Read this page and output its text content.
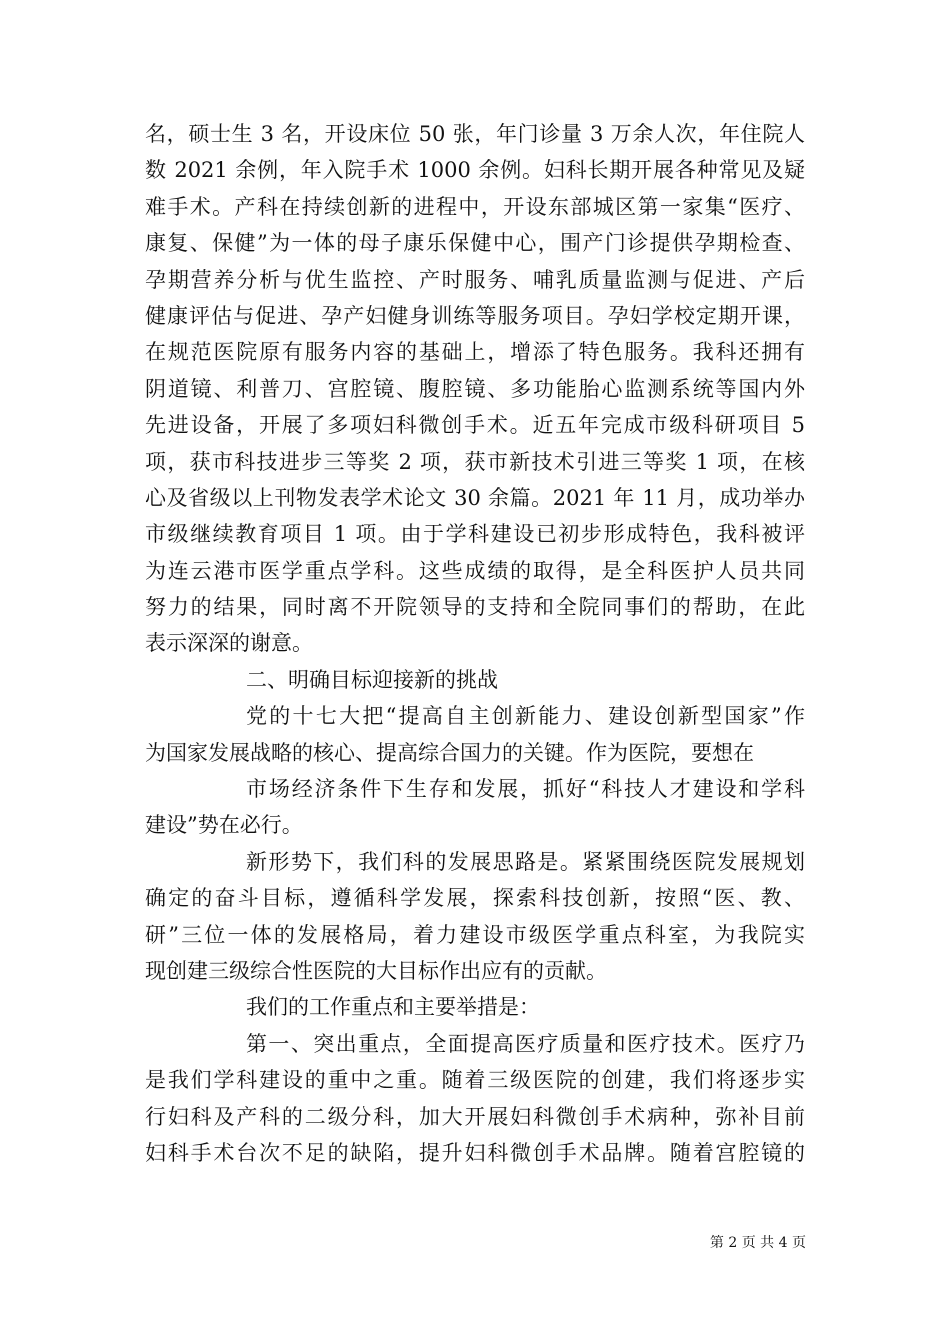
名，硕士生 3 名，开设床位 50 张，年门诊量 3 万余人次，年住院人
数 2021 余例，年入院手术 1000 余例。妇科长期开展各种常见及疑
难手术。产科在持续创新的进程中，开设东部城区第一家集“医疗、
康复、保健”为一体的母子康乐保健中心，围产门诊提供孕期检查、
孕期营养分析与优生监控、产时服务、哺乳质量监测与促进、产后
健康评估与促进、孕产妇健身训练等服务项目。孕妇学校定期开课，
在规范医院原有服务内容的基础上，增添了特色服务。我科还拥有
阴道镜、利普刀、宫腔镜、腹腔镜、多功能胎心监测系统等国内外
先进设备，开展了多项妇科微创手术。近五年完成市级科研项目 5
项，获市科技进步三等奖 2 项，获市新技术引进三等奖 1 项，在核
心及省级以上刊物发表学术论文 30 余篇。2021 年 11 月，成功举办
市级继续教育项目 1 项。由于学科建设已初步形成特色，我科被评
为连云港市医学重点学科。这些成绩的取得，是全科医护人员共同
努力的结果，同时离不开院领导的支持和全院同事们的帮助，在此
表示深深的谢意。
二、明确目标迎接新的挑战
党的十七大把“提高自主创新能力、建设创新型国家”作
为国家发展战略的核心、提高综合国力的关键。作为医院，要想在
市场经济条件下生存和发展，抓好“科技人才建设和学科
建设”势在必行。
新形势下，我们科的发展思路是。紧紧围绕医院发展规划
确定的奋斗目标，遵循科学发展，探索科技创新，按照“医、教、
研”三位一体的发展格局，着力建设市级医学重点科室，为我院实
现创建三级综合性医院的大目标作出应有的贡献。
我们的工作重点和主要举措是：
第一、突出重点，全面提高医疗质量和医疗技术。医疗乃
是我们学科建设的重中之重。随着三级医院的创建，我们将逐步实
行妇科及产科的二级分科，加大开展妇科微创手术病种，弥补目前
妇科手术台次不足的缺陷，提升妇科微创手术品牌。随着宫腔镜的
第 2 页 共 4 页
